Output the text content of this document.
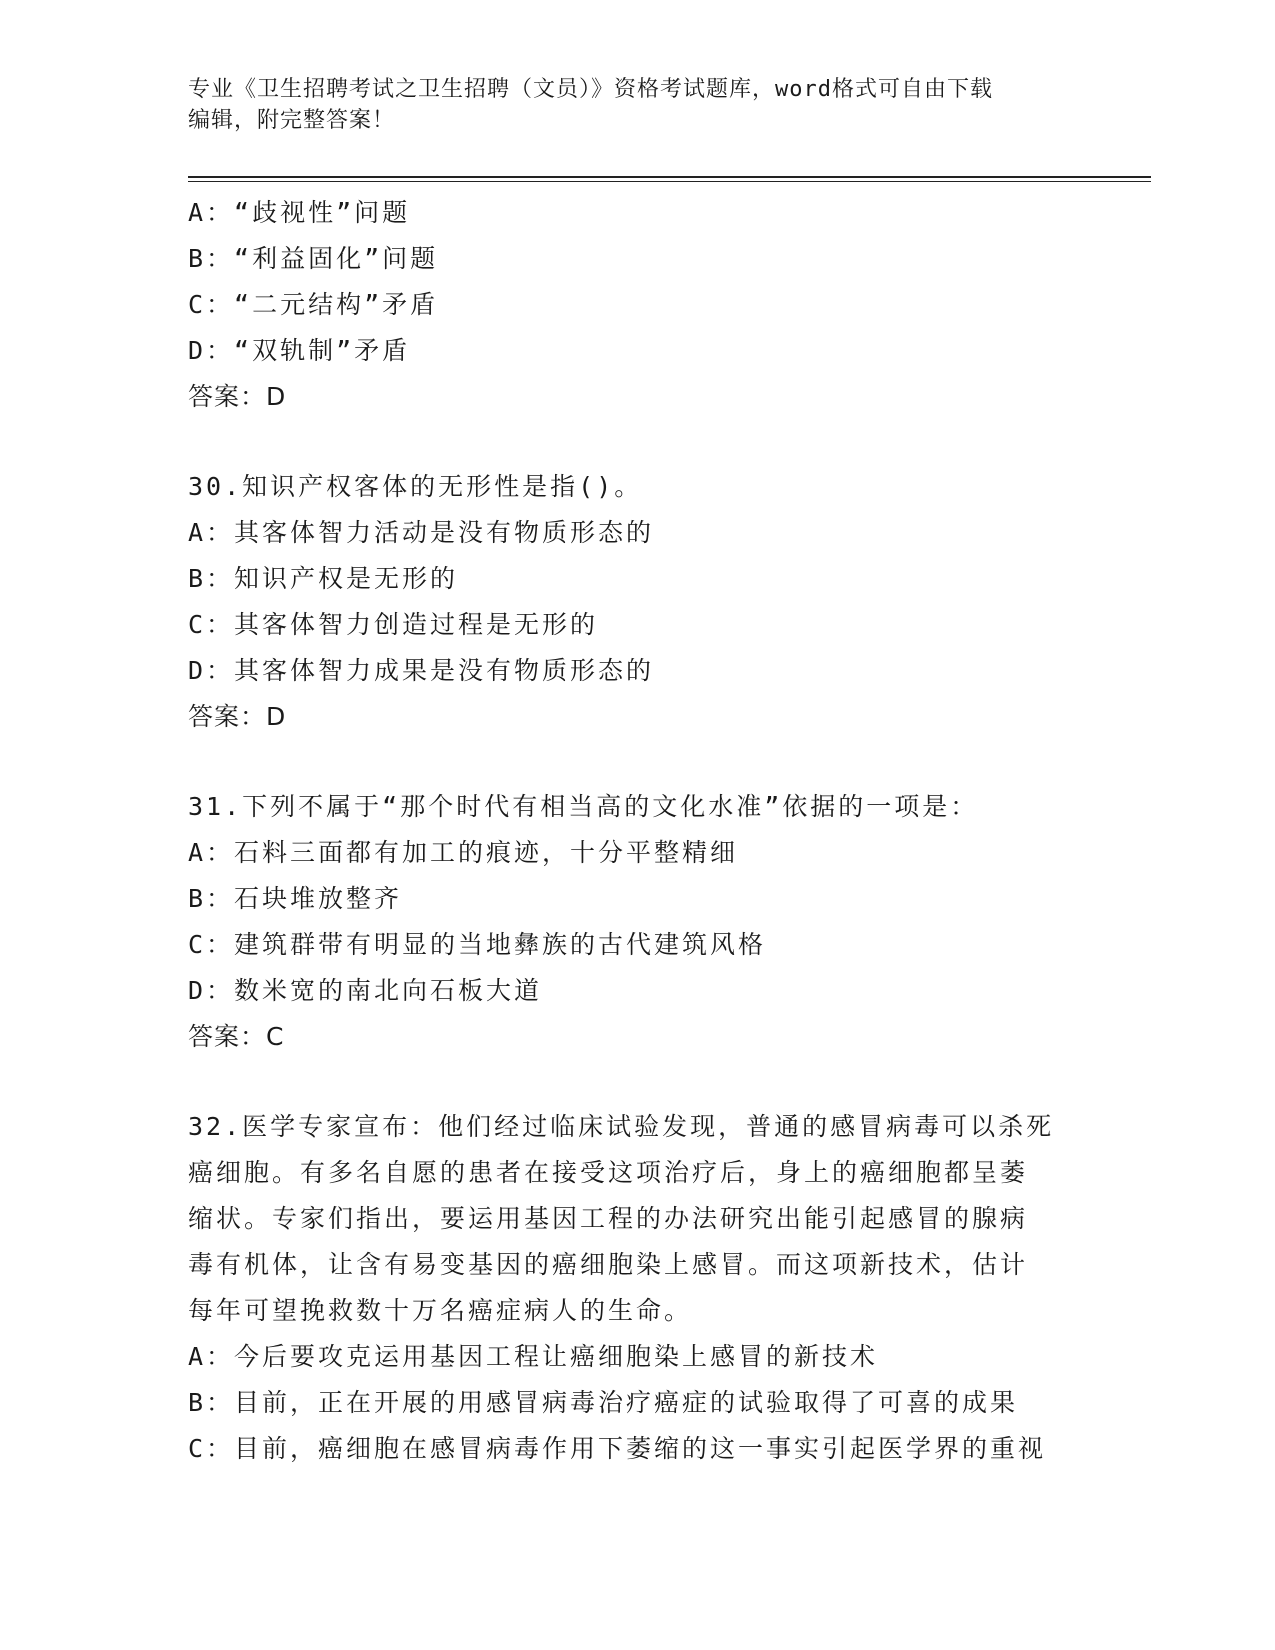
专业《卫生招聘考试之卫生招聘（文员）》资格考试题库，word格式可自由下载
编辑，附完整答案！
A：“歧视性”问题
B：“利益固化”问题
C：“二元结构”矛盾
D：“双轨制”矛盾
答案：D
30.知识产权客体的无形性是指()。
A：其客体智力活动是没有物质形态的
B：知识产权是无形的
C：其客体智力创造过程是无形的
D：其客体智力成果是没有物质形态的
答案：D
31.下列不属于“那个时代有相当高的文化水准”依据的一项是：
A：石料三面都有加工的痕迹，十分平整精细
B：石块堆放整齐
C：建筑群带有明显的当地彝族的古代建筑风格
D：数米宽的南北向石板大道
答案：C
32.医学专家宣布：他们经过临床试验发现，普通的感冒病毒可以杀死
癌细胞。有多名自愿的患者在接受这项治疗后，身上的癌细胞都呈萎
缩状。专家们指出，要运用基因工程的办法研究出能引起感冒的腺病
毒有机体，让含有易变基因的癌细胞染上感冒。而这项新技术，估计
每年可望挽救数十万名癌症病人的生命。
A：今后要攻克运用基因工程让癌细胞染上感冒的新技术
B：目前，正在开展的用感冒病毒治疗癌症的试验取得了可喜的成果
C：目前，癌细胞在感冒病毒作用下萎缩的这一事实引起医学界的重视
